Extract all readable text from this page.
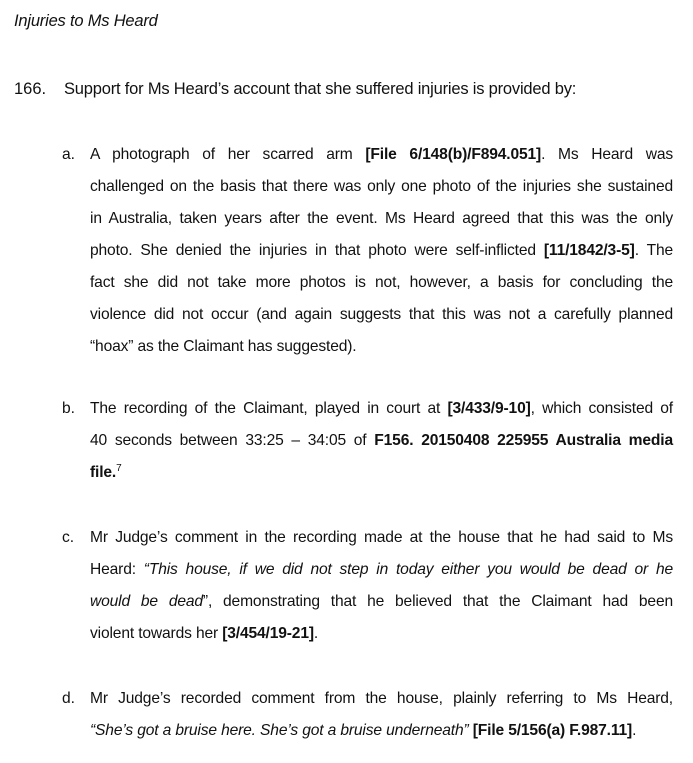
Injuries to Ms Heard
166. Support for Ms Heard’s account that she suffered injuries is provided by:
a. A photograph of her scarred arm [File 6/148(b)/F894.051]. Ms Heard was
challenged on the basis that there was only one photo of the injuries she sustained
in Australia, taken years after the event. Ms Heard agreed that this was the only
photo. She denied the injuries in that photo were self-inflicted [11/1842/3-5]. The
fact she did not take more photos is not, however, a basis for concluding the
violence did not occur (and again suggests that this was not a carefully planned
“hoax” as the Claimant has suggested).
b. The recording of the Claimant, played in court at [3/433/9-10], which consisted of
40 seconds between 33:25 – 34:05 of F156. 20150408 225955 Australia media
file.$^7$
c.	Mr Judge’s comment in the recording made at the house that he had said to Ms
Heard: “This house, if we did not step in today either you would be dead or he
would be dead”, demonstrating that he believed that the Claimant had been
violent towards her [3/454/19-21].
d. Mr Judge’s recorded comment from the house, plainly referring to Ms Heard,
“She’s got a bruise here. She’s got a bruise underneath” [File 5/156(a) F.987.11].
